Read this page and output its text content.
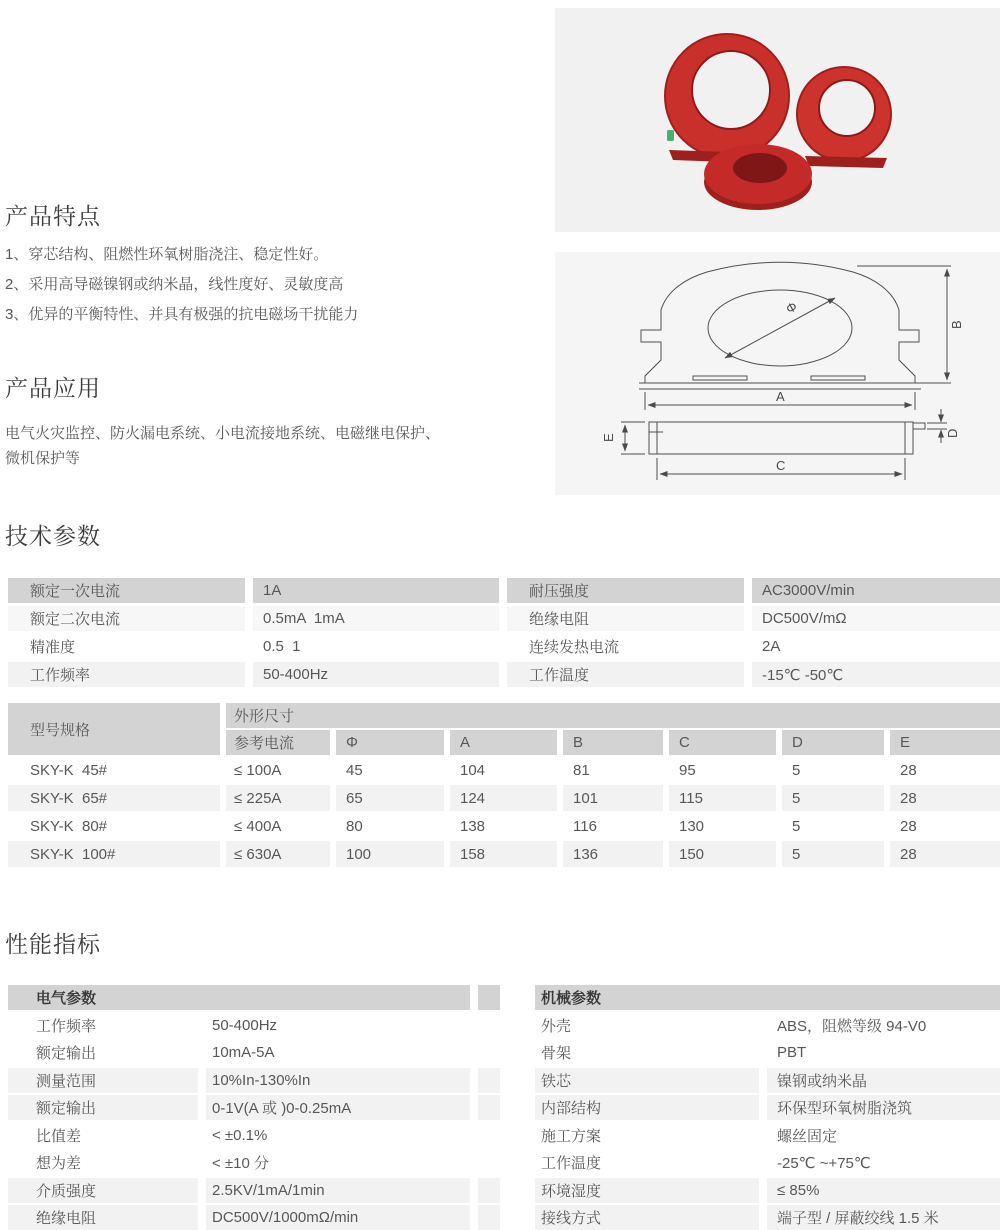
产品特点
1、穿芯结构、阻燃性环氧树脂浇注、稳定性好。
2、采用高导磁镍钢或纳米晶，线性度好、灵敏度高
3、优异的平衡特性、并具有极强的抗电磁场干扰能力
产品应用
电气火灾监控、防火漏电系统、小电流接地系统、电磁继电保护、
微机保护等
Φ
A
B
C
D
E
技术参数
额定一次电流	1A	耐压强度	AC3000V/min
额定二次电流	0.5mA  1mA	绝缘电阻	DC500V/mΩ
精准度	0.5  1	连续发热电流	2A
工作频率	50-400Hz	工作温度	-15℃ -50℃
型号规格
外形尺寸
参考电流	Φ	A	B	C	D	E
SKY-K  45#	≤ 100A	45	104	81	95	5	28
SKY-K  65#	≤ 225A	65	124	101	115	5	28
SKY-K  80#	≤ 400A	80	138	116	130	5	28
SKY-K  100#	≤ 630A	100	158	136	150	5	28
性能指标
电气参数
工作频率	50-400Hz
额定输出	10mA-5A
测量范围	10%In-130%In
额定输出	0-1V(A 或 )0-0.25mA
比值差	< ±0.1%
想为差	< ±10 分
介质强度	2.5KV/1mA/1min
绝缘电阻	DC500V/1000mΩ/min
机械参数
外壳	ABS，阻燃等级 94-V0
骨架	PBT
铁芯	镍钢或纳米晶
内部结构	环保型环氧树脂浇筑
施工方案	螺丝固定
工作温度	-25℃ ~+75℃
环境湿度	≤ 85%
接线方式	端子型 / 屏蔽绞线 1.5 米
